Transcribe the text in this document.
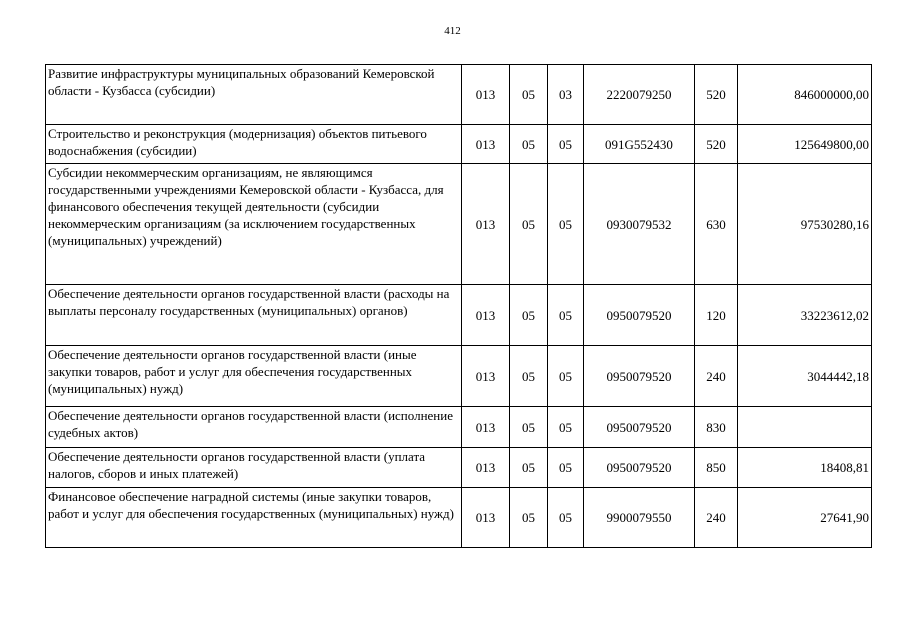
412
Развитие инфраструктуры муниципальных образований Кемеровской области - Кузбасса (субсидии)	013	05	03	2220079250	520	846000000,00
Строительство и реконструкция (модернизация) объектов питьевого водоснабжения (субсидии)	013	05	05	091G552430	520	125649800,00
Субсидии некоммерческим организациям, не являющимся государственными учреждениями Кемеровской области - Кузбасса, для финансового обеспечения текущей деятельности (субсидии некоммерческим организациям (за исключением государственных (муниципальных) учреждений)	013	05	05	0930079532	630	97530280,16
Обеспечение деятельности органов государственной власти (расходы на выплаты персоналу государственных (муниципальных) органов)	013	05	05	0950079520	120	33223612,02
Обеспечение деятельности органов государственной власти (иные закупки товаров, работ и услуг для обеспечения государственных (муниципальных) нужд)	013	05	05	0950079520	240	3044442,18
Обеспечение деятельности органов государственной власти (исполнение судебных актов)	013	05	05	0950079520	830	
Обеспечение деятельности органов государственной власти (уплата налогов, сборов и иных платежей)	013	05	05	0950079520	850	18408,81
Финансовое обеспечение наградной системы (иные закупки товаров, работ и услуг для обеспечения государственных (муниципальных) нужд)	013	05	05	9900079550	240	27641,90
